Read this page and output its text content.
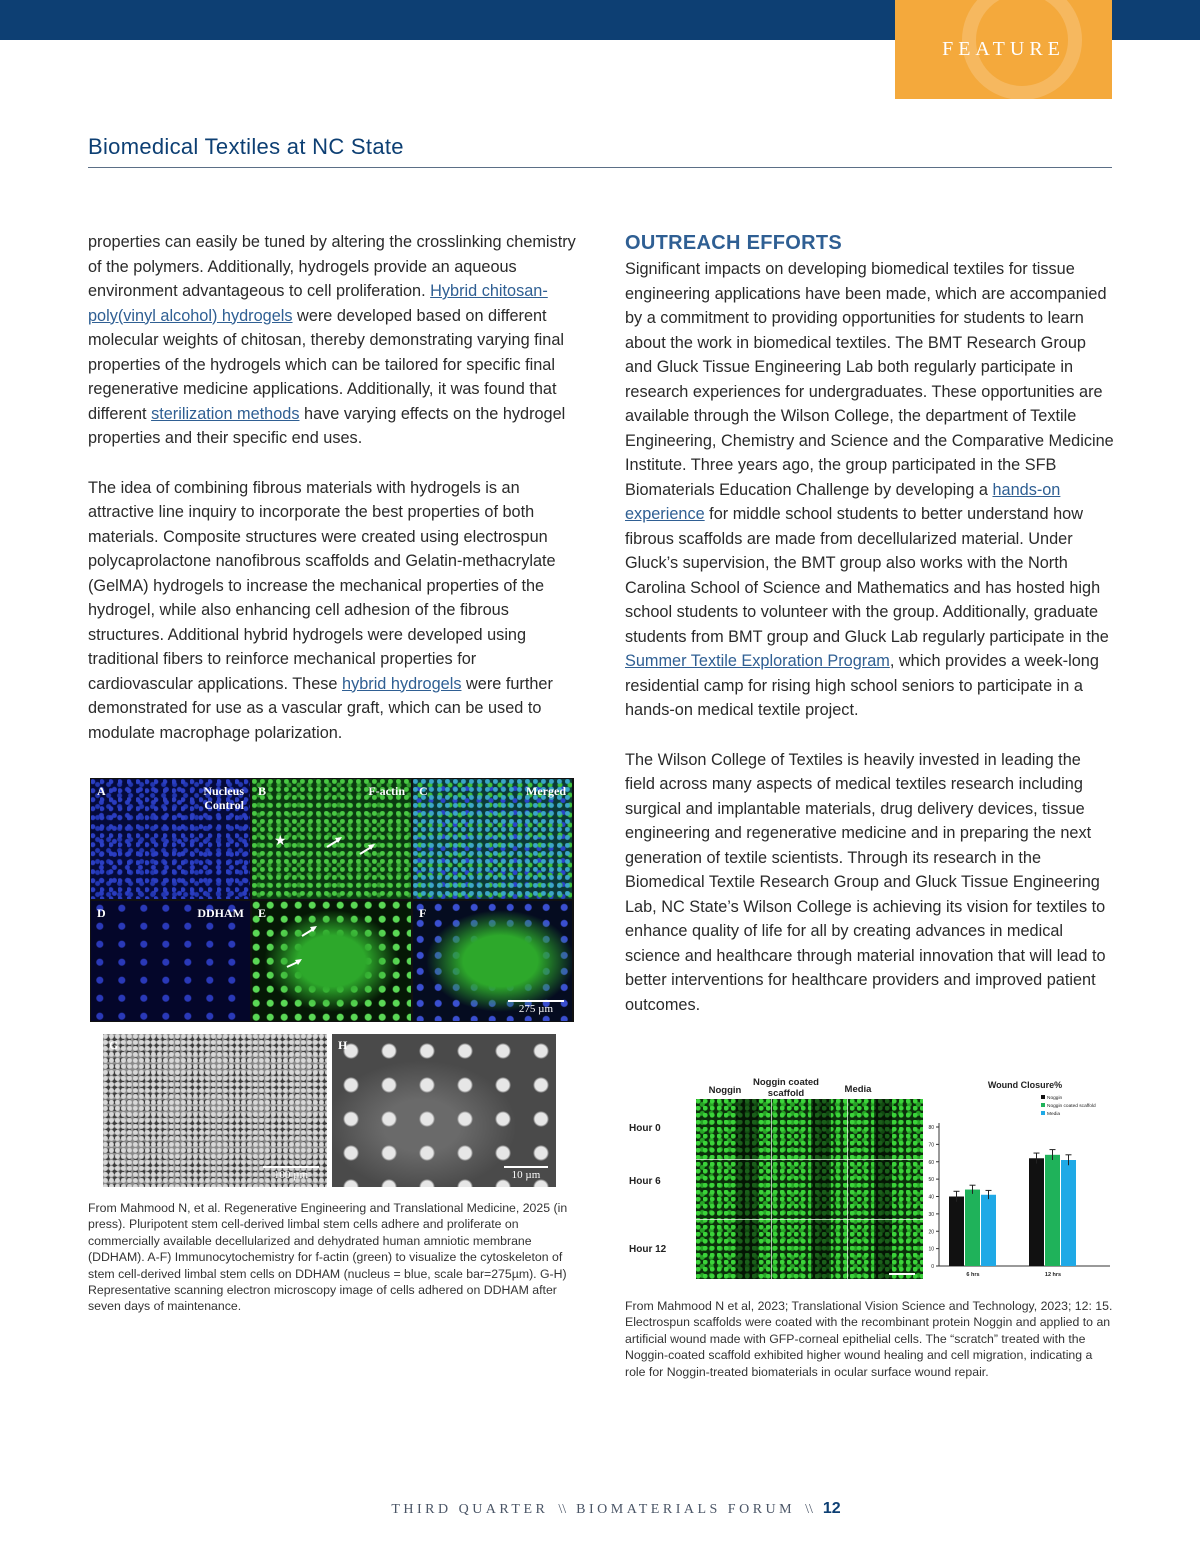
FEATURE
Biomedical Textiles at NC State

properties can easily be tuned by altering the crosslinking chemistry of the polymers. Additionally, hydrogels provide an aqueous environment advantageous to cell proliferation. Hybrid chitosan-poly(vinyl alcohol) hydrogels were developed based on different molecular weights of chitosan, thereby demonstrating varying final properties of the hydrogels which can be tailored for specific final regenerative medicine applications. Additionally, it was found that different sterilization methods have varying effects on the hydrogel properties and their specific end uses.

The idea of combining fibrous materials with hydrogels is an attractive line inquiry to incorporate the best properties of both materials. Composite structures were created using electrospun polycaprolactone nanofibrous scaffolds and Gelatin-methacrylate (GelMA) hydrogels to increase the mechanical properties of the hydrogel, while also enhancing cell adhesion of the fibrous structures. Additional hybrid hydrogels were developed using traditional fibers to reinforce mechanical properties for cardiovascular applications. These hybrid hydrogels were further demonstrated for use as a vascular graft, which can be used to modulate macrophage polarization.

OUTREACH EFFORTS

Significant impacts on developing biomedical textiles for tissue engineering applications have been made, which are accompanied by a commitment to providing opportunities for students to learn about the work in biomedical textiles. The BMT Research Group and Gluck Tissue Engineering Lab both regularly participate in research experiences for undergraduates. These opportunities are available through the Wilson College, the department of Textile Engineering, Chemistry and Science and the Comparative Medicine Institute. Three years ago, the group participated in the SFB Biomaterials Education Challenge by developing a hands-on experience for middle school students to better understand how fibrous scaffolds are made from decellularized material. Under Gluck’s supervision, the BMT group also works with the North Carolina School of Science and Mathematics and has hosted high school students to volunteer with the group. Additionally, graduate students from BMT group and Gluck Lab regularly participate in the Summer Textile Exploration Program, which provides a week-long residential camp for rising high school seniors to participate in a hands-on medical textile project.

The Wilson College of Textiles is heavily invested in leading the field across many aspects of medical textiles research including surgical and implantable materials, drug delivery devices, tissue engineering and regenerative medicine and in preparing the next generation of textile scientists. Through its research in the Biomedical Textile Research Group and Gluck Tissue Engineering Lab, NC State’s Wilson College is achieving its vision for textiles to enhance quality of life for all by creating advances in medical science and healthcare through material innovation that will lead to better interventions for healthcare providers and improved patient outcomes.

A	Nucleus Control
B	F-actin
★
C	Merged
D	DDHAM E	F
275 µm
G
100 µm
H
10 µm
From Mahmood N, et al. Regenerative Engineering and Translational Medicine, 2025 (in press). Pluripotent stem cell-derived limbal stem cells adhere and proliferate on commercially available decellularized and dehydrated human amniotic membrane (DDHAM). A-F) Immunocytochemistry for f-actin (green) to visualize the cytoskeleton of stem cell-derived limbal stem cells on DDHAM (nucleus = blue, scale bar=275µm). G-H) Representative scanning electron microscopy image of cells adhered on DDHAM after seven days of maintenance.
Noggin
Noggin coated scaffold	Media
Hour 0
Hour 6
Hour 12
Wound Closure%
0
10
20
30
40
50
60
70
80
6 hrs	12 hrs
Noggin
Noggin coated scaffold
Media
From Mahmood N et al, 2023; Translational Vision Science and Technology, 2023; 12: 15. Electrospun scaffolds were coated with the recombinant protein Noggin and applied to an artificial wound made with GFP-corneal epithelial cells. The “scratch” treated with the Noggin-coated scaffold exhibited higher wound healing and cell migration, indicating a role for Noggin-treated biomaterials in ocular surface wound repair.
THIRD QUARTER \\ BIOMATERIALS FORUM \\ 12
